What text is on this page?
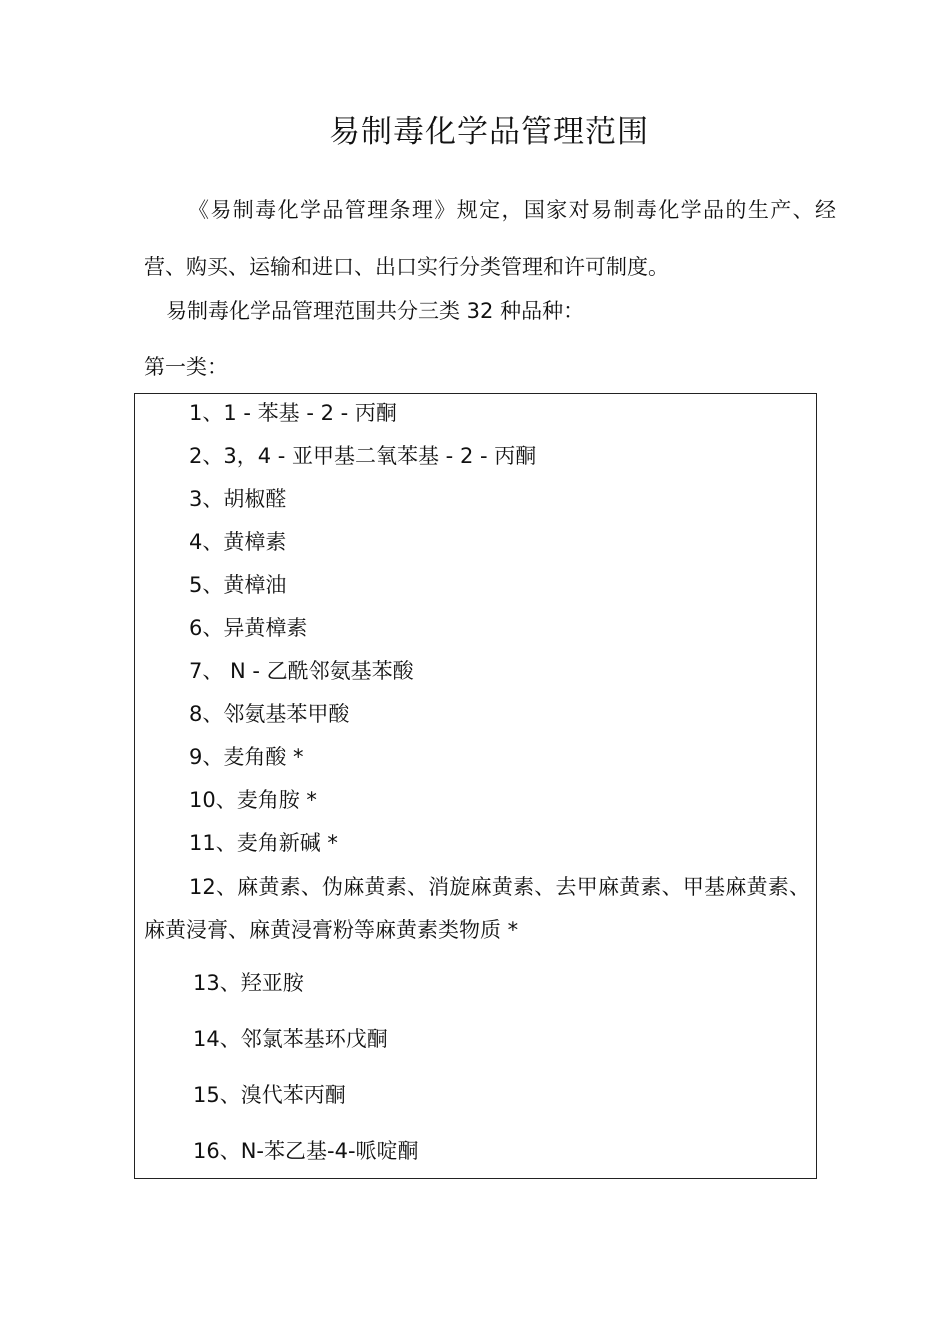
易制毒化学品管理范围
《易制毒化学品管理条理》规定，国家对易制毒化学品的生产、经营、购买、运输和进口、出口实行分类管理和许可制度。
易制毒化学品管理范围共分三类 32 种品种：
第一类：
1、1 - 苯基 - 2 - 丙酮
2、3，4 - 亚甲基二氧苯基 - 2 - 丙酮
3、胡椒醛
4、黄樟素
5、黄樟油
6、异黄樟素
7、 N - 乙酰邻氨基苯酸
8、邻氨基苯甲酸
9、麦角酸 *
10、麦角胺 *
11、麦角新碱 *
12、麻黄素、伪麻黄素、消旋麻黄素、去甲麻黄素、甲基麻黄素、麻黄浸膏、麻黄浸膏粉等麻黄素类物质 *
13、羟亚胺
14、邻氯苯基环戊酮
15、溴代苯丙酮
16、N-苯乙基-4-哌啶酮
